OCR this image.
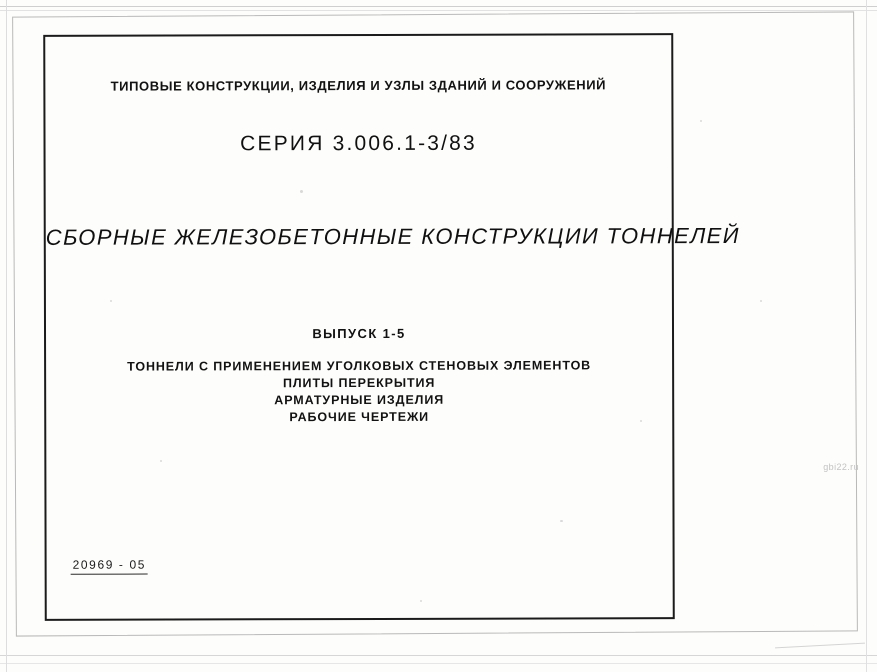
ТИПОВЫЕ КОНСТРУКЦИИ, ИЗДЕЛИЯ И УЗЛЫ ЗДАНИЙ И СООРУЖЕНИЙ
СЕРИЯ 3.006.1-3/83
СБОРНЫЕ ЖЕЛЕЗОБЕТОННЫЕ КОНСТРУКЦИИ ТОННЕЛЕЙ
ВЫПУСК 1-5
ТОННЕЛИ С ПРИМЕНЕНИЕМ УГОЛКОВЫХ СТЕНОВЫХ ЭЛЕМЕНТОВ
ПЛИТЫ ПЕРЕКРЫТИЯ
АРМАТУРНЫЕ ИЗДЕЛИЯ
РАБОЧИЕ ЧЕРТЕЖИ
20969 - 05
gbi22.ru
